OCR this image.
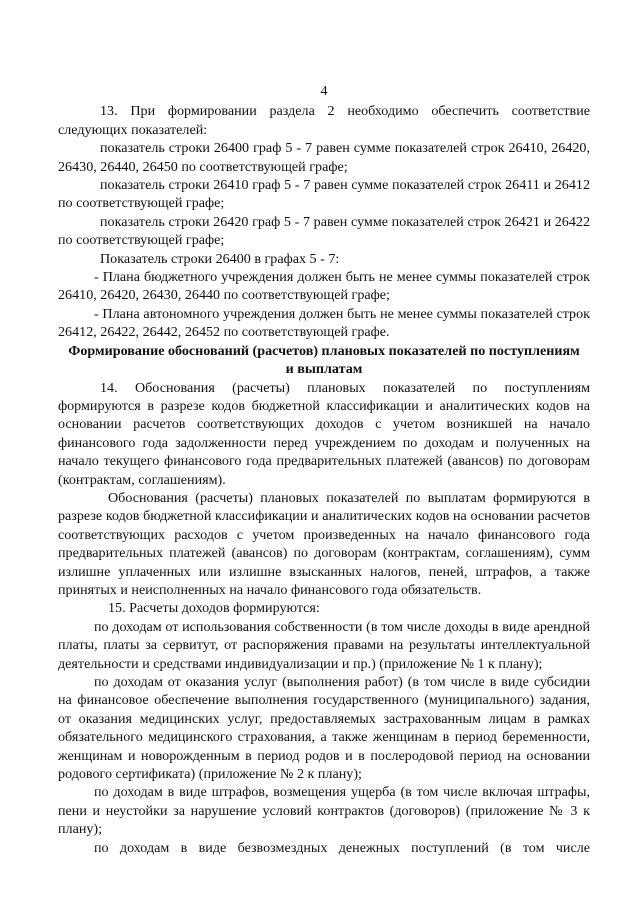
4

13. При формировании раздела 2 необходимо обеспечить соответствие следующих показателей:

показатель строки 26400 граф 5 - 7 равен сумме показателей строк 26410, 26420, 26430, 26440, 26450 по соответствующей графе;

показатель строки 26410 граф 5 - 7 равен сумме показателей строк 26411 и 26412 по соответствующей графе;

показатель строки 26420 граф 5 - 7 равен сумме показателей строк 26421 и 26422 по соответствующей графе;

Показатель строки 26400 в графах 5 - 7:

- Плана бюджетного учреждения должен быть не менее суммы показателей строк 26410, 26420, 26430, 26440 по соответствующей графе;

- Плана автономного учреждения должен быть не менее суммы показателей строк 26412, 26422, 26442, 26452 по соответствующей графе.

Формирование обоснований (расчетов) плановых показателей по поступлениям и выплатам

14. Обоснования (расчеты) плановых показателей по поступлениям формируются в разрезе кодов бюджетной классификации и аналитических кодов на основании расчетов соответствующих доходов с учетом возникшей на начало финансового года задолженности перед учреждением по доходам и полученных на начало текущего финансового года предварительных платежей (авансов) по договорам (контрактам, соглашениям).

Обоснования (расчеты) плановых показателей по выплатам формируются в разрезе кодов бюджетной классификации и аналитических кодов на основании расчетов соответствующих расходов с учетом произведенных на начало финансового года предварительных платежей (авансов) по договорам (контрактам, соглашениям), сумм излишне уплаченных или излишне взысканных налогов, пеней, штрафов, а также принятых и неисполненных на начало финансового года обязательств.

15. Расчеты доходов формируются:

по доходам от использования собственности (в том числе доходы в виде арендной платы, платы за сервитут, от распоряжения правами на результаты интеллектуальной деятельности и средствами индивидуализации и пр.) (приложение № 1 к плану);

по доходам от оказания услуг (выполнения работ) (в том числе в виде субсидии на финансовое обеспечение выполнения государственного (муниципального) задания, от оказания медицинских услуг, предоставляемых застрахованным лицам в рамках обязательного медицинского страхования, а также женщинам в период беременности, женщинам и новорожденным в период родов и в послеродовой период на основании родового сертификата) (приложение № 2 к плану);

по доходам в виде штрафов, возмещения ущерба (в том числе включая штрафы, пени и неустойки за нарушение условий контрактов (договоров) (приложение № 3 к плану);

по доходам в виде безвозмездных денежных поступлений (в том числе
